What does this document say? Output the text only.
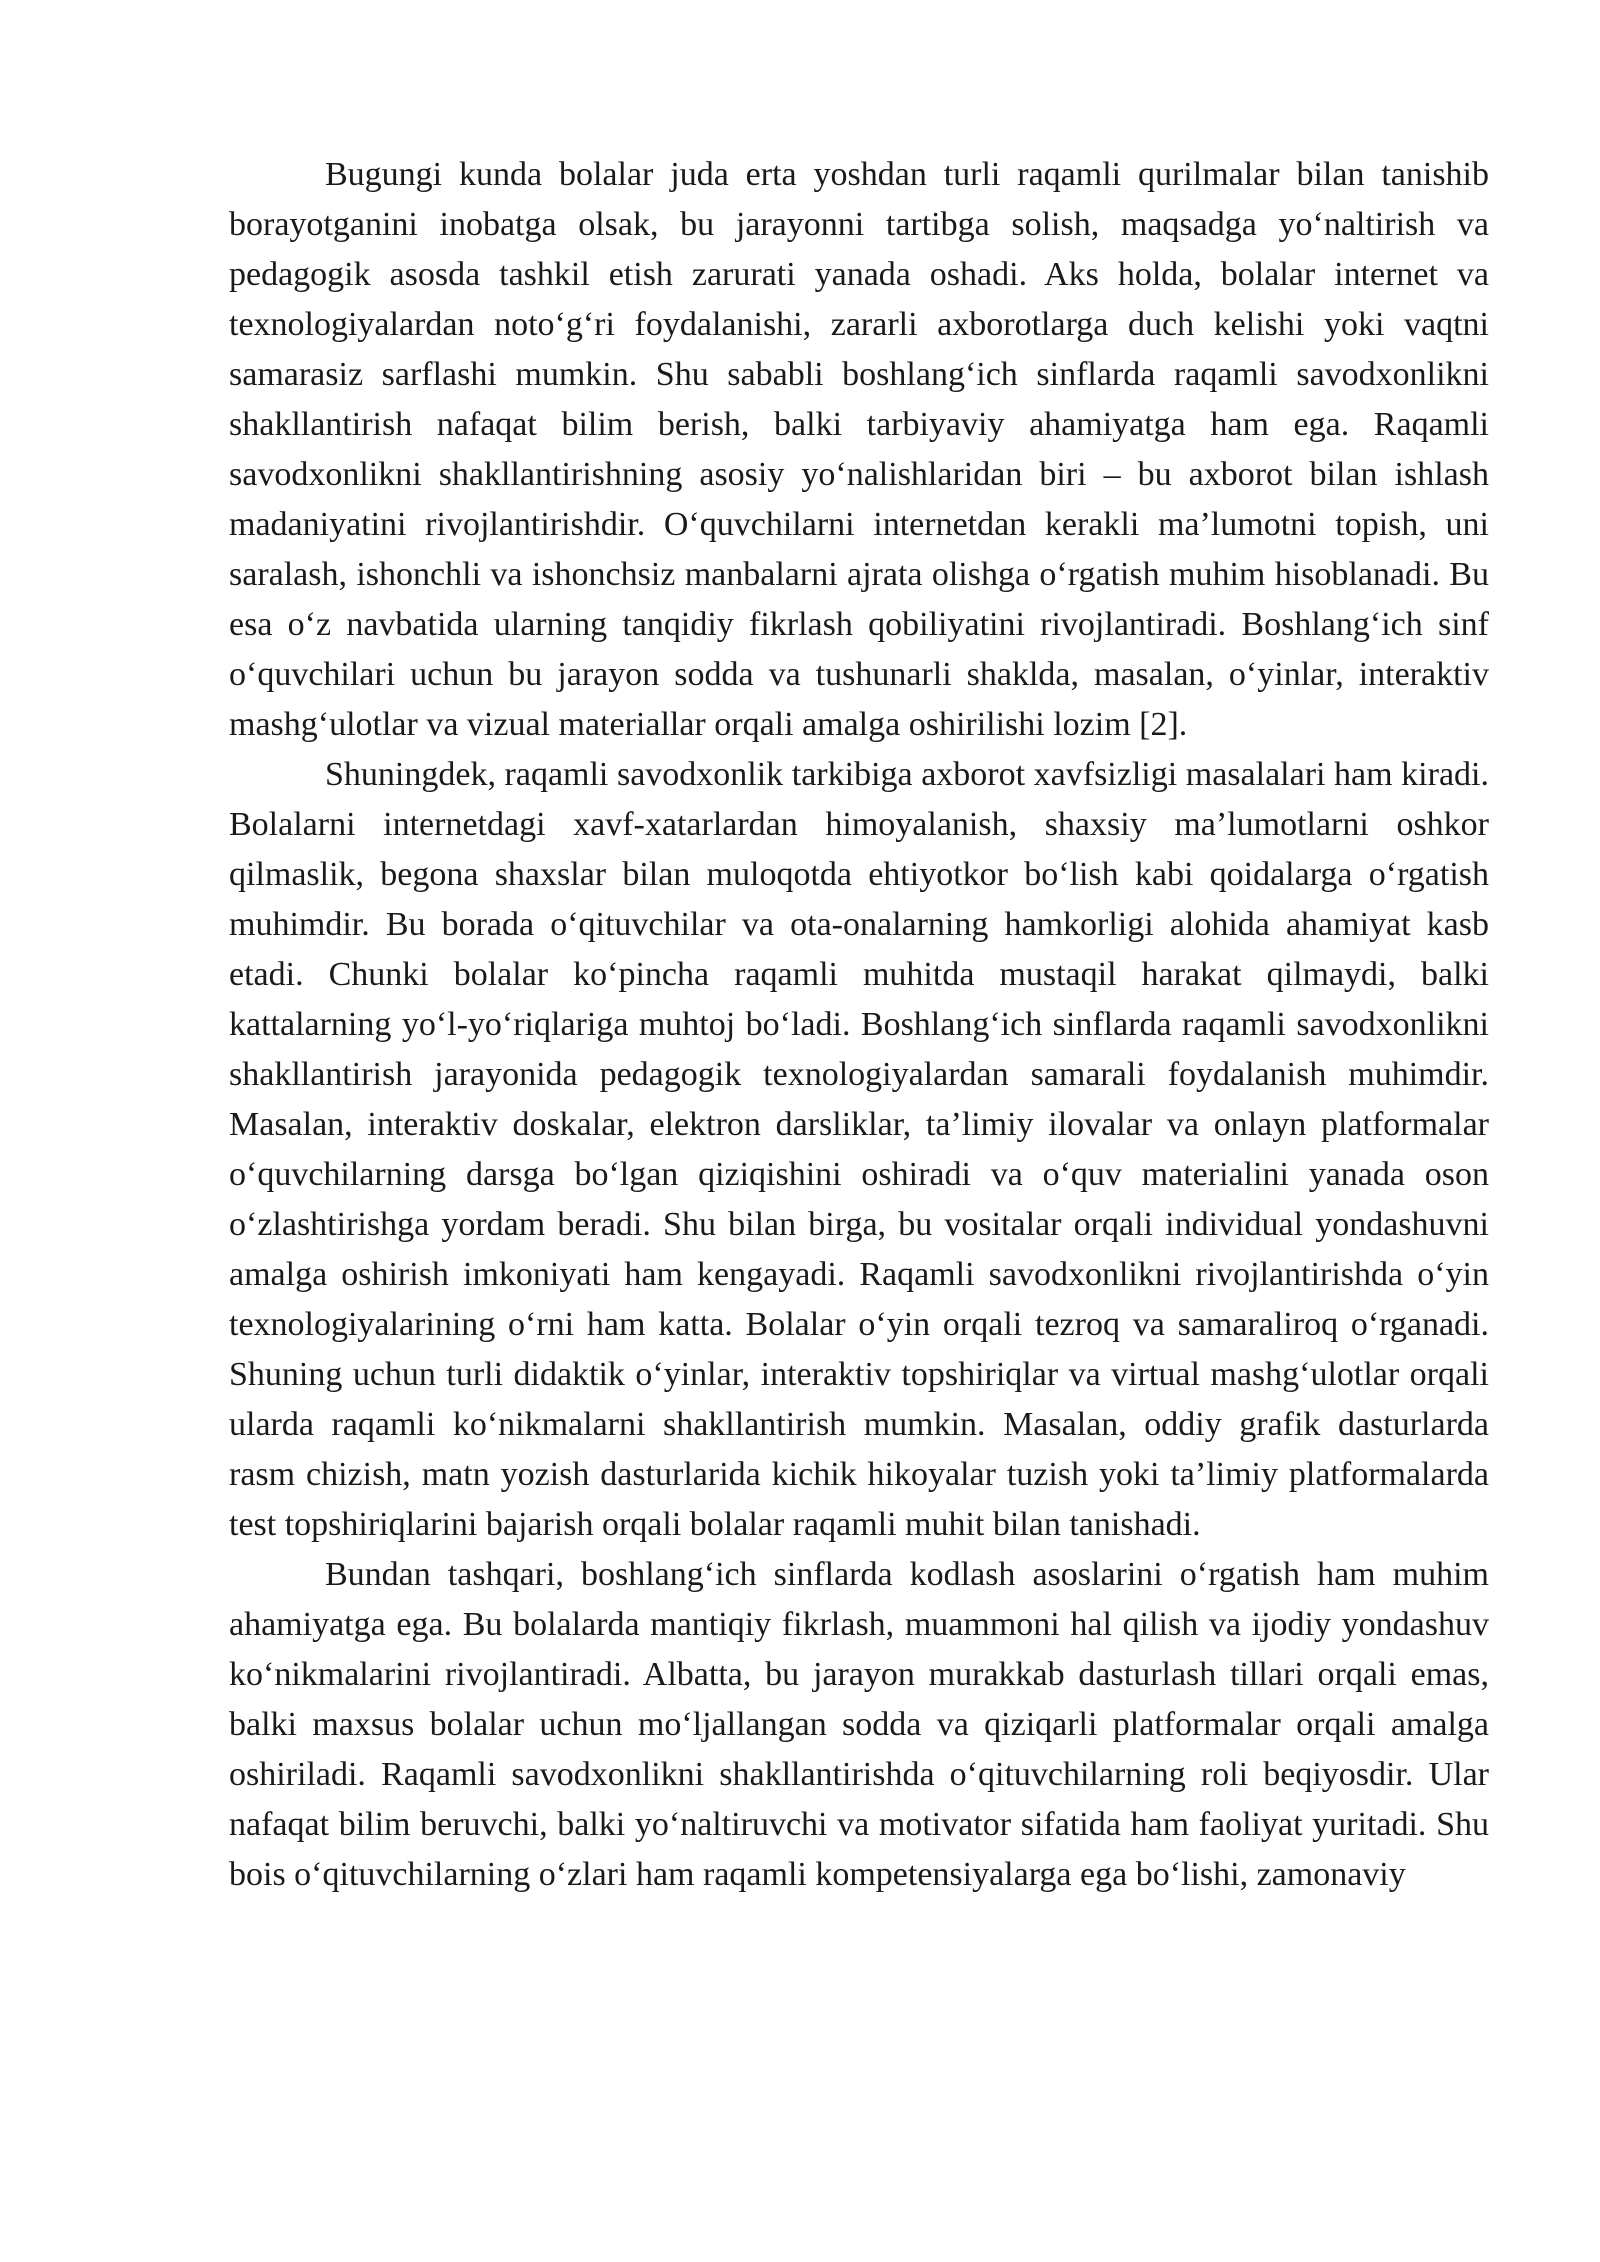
Bugungi kunda bolalar juda erta yoshdan turli raqamli qurilmalar bilan tanishib borayotganini inobatga olsak, bu jarayonni tartibga solish, maqsadga yo‘naltirish va pedagogik asosda tashkil etish zarurati yanada oshadi. Aks holda, bolalar internet va texnologiyalardan noto‘g‘ri foydalanishi, zararli axborotlarga duch kelishi yoki vaqtni samarasiz sarflashi mumkin. Shu sababli boshlang‘ich sinflarda raqamli savodxonlikni shakllantirish nafaqat bilim berish, balki tarbiyaviy ahamiyatga ham ega. Raqamli savodxonlikni shakllantirishning asosiy yo‘nalishlaridan biri – bu axborot bilan ishlash madaniyatini rivojlantirishdir. O‘quvchilarni internetdan kerakli ma’lumotni topish, uni saralash, ishonchli va ishonchsiz manbalarni ajrata olishga o‘rgatish muhim hisoblanadi. Bu esa o‘z navbatida ularning tanqidiy fikrlash qobiliyatini rivojlantiradi. Boshlang‘ich sinf o‘quvchilari uchun bu jarayon sodda va tushunarli shaklda, masalan, o‘yinlar, interaktiv mashg‘ulotlar va vizual materiallar orqali amalga oshirilishi lozim [2].

Shuningdek, raqamli savodxonlik tarkibiga axborot xavfsizligi masalalari ham kiradi. Bolalarni internetdagi xavf-xatarlardan himoyalanish, shaxsiy ma’lumotlarni oshkor qilmaslik, begona shaxslar bilan muloqotda ehtiyotkor bo‘lish kabi qoidalarga o‘rgatish muhimdir. Bu borada o‘qituvchilar va ota-onalarning hamkorligi alohida ahamiyat kasb etadi. Chunki bolalar ko‘pincha raqamli muhitda mustaqil harakat qilmaydi, balki kattalarning yo‘l-yo‘riqlariga muhtoj bo‘ladi. Boshlang‘ich sinflarda raqamli savodxonlikni shakllantirish jarayonida pedagogik texnologiyalardan samarali foydalanish muhimdir. Masalan, interaktiv doskalar, elektron darsliklar, ta’limiy ilovalar va onlayn platformalar o‘quvchilarning darsga bo‘lgan qiziqishini oshiradi va o‘quv materialini yanada oson o‘zlashtirishga yordam beradi. Shu bilan birga, bu vositalar orqali individual yondashuvni amalga oshirish imkoniyati ham kengayadi. Raqamli savodxonlikni rivojlantirishda o‘yin texnologiyalarining o‘rni ham katta. Bolalar o‘yin orqali tezroq va samaraliroq o‘rganadi. Shuning uchun turli didaktik o‘yinlar, interaktiv topshiriqlar va virtual mashg‘ulotlar orqali ularda raqamli ko‘nikmalarni shakllantirish mumkin. Masalan, oddiy grafik dasturlarda rasm chizish, matn yozish dasturlarida kichik hikoyalar tuzish yoki ta’limiy platformalarda test topshiriqlarini bajarish orqali bolalar raqamli muhit bilan tanishadi.

Bundan tashqari, boshlang‘ich sinflarda kodlash asoslarini o‘rgatish ham muhim ahamiyatga ega. Bu bolalarda mantiqiy fikrlash, muammoni hal qilish va ijodiy yondashuv ko‘nikmalarini rivojlantiradi. Albatta, bu jarayon murakkab dasturlash tillari orqali emas, balki maxsus bolalar uchun mo‘ljallangan sodda va qiziqarli platformalar orqali amalga oshiriladi. Raqamli savodxonlikni shakllantirishda o‘qituvchilarning roli beqiyosdir. Ular nafaqat bilim beruvchi, balki yo‘naltiruvchi va motivator sifatida ham faoliyat yuritadi. Shu bois o‘qituvchilarning o‘zlari ham raqamli kompetensiyalarga ega bo‘lishi, zamonaviy
